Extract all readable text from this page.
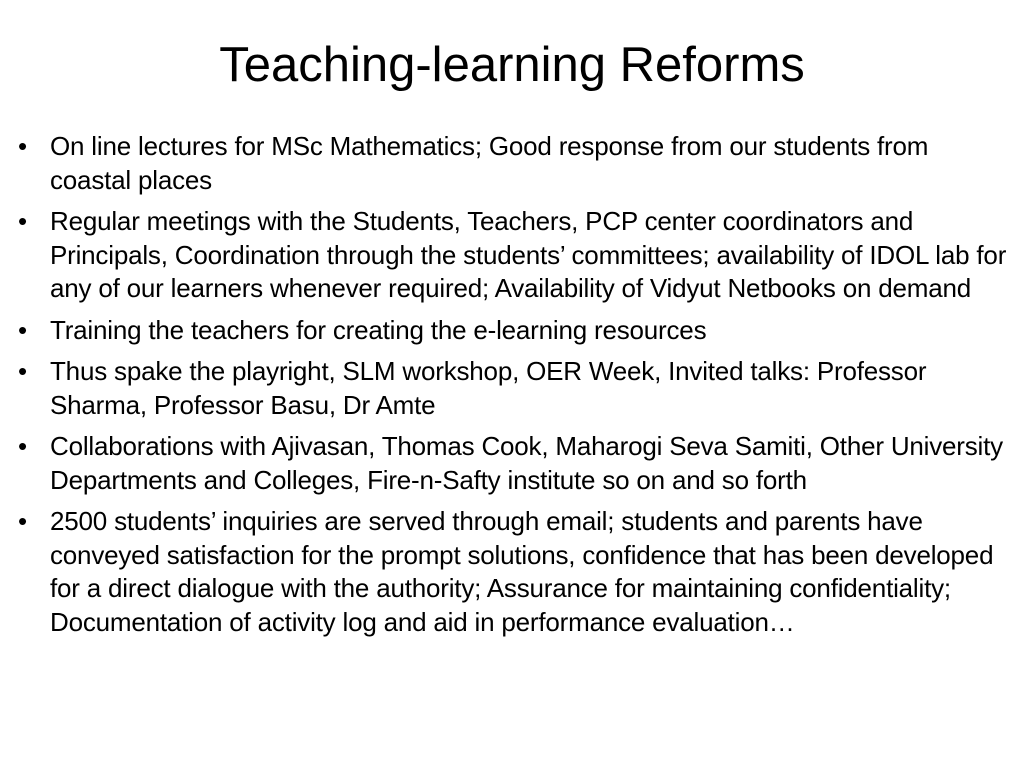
Teaching-learning Reforms
• On line lectures for MSc Mathematics; Good response from our students from coastal places
• Regular meetings with the Students, Teachers, PCP center coordinators and Principals, Coordination through the students’ committees; availability of IDOL lab for any of our learners whenever required; Availability of Vidyut Netbooks on demand
• Training the teachers for creating the e-learning resources
• Thus spake the playright, SLM workshop, OER Week, Invited talks: Professor Sharma, Professor Basu, Dr Amte
• Collaborations with Ajivasan, Thomas Cook, Maharogi Seva Samiti, Other University Departments and Colleges, Fire-n-Safty institute so on and so forth
• 2500 students’ inquiries are served through email; students and parents have conveyed satisfaction for the prompt solutions, confidence that has been developed for a direct dialogue with the authority; Assurance for maintaining confidentiality; Documentation of activity log and aid in performance evaluation…
